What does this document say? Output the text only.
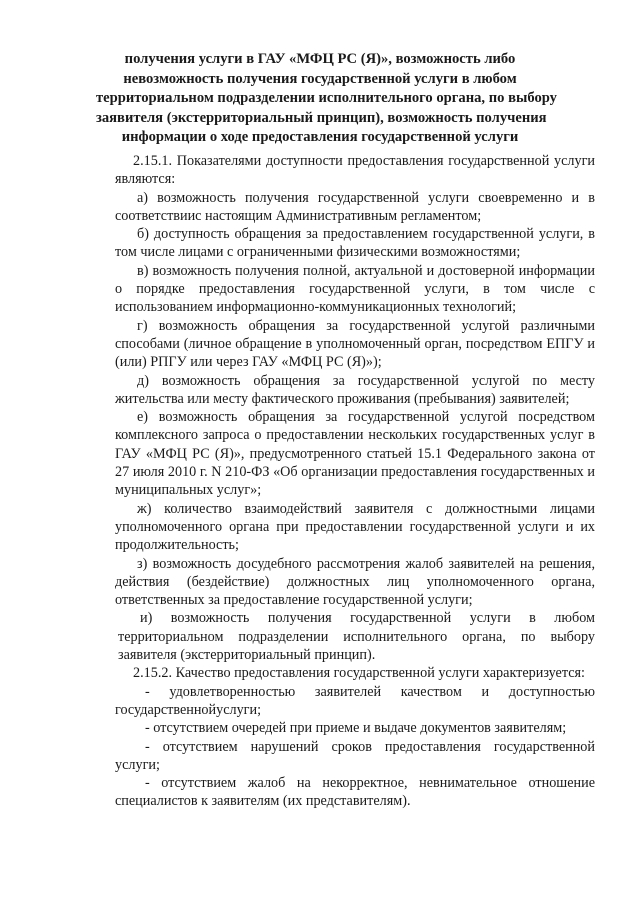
получения услуги в ГАУ «МФЦ РС (Я)», возможность либо
невозможность получения государственной услуги в любом
территориальном подразделении исполнительного органа, по выбору
заявителя (экстерриториальный принцип), возможность получения
информации о ходе предоставления государственной услуги

2.15.1. Показателями доступности предоставления государственной услуги являются:

а) возможность получения государственной услуги своевременно и в соответствиис настоящим Административным регламентом;

б) доступность обращения за предоставлением государственной услуги, в том числе лицами с ограниченными физическими возможностями;

в) возможность получения полной, актуальной и достоверной информации о порядке предоставления государственной услуги, в том числе с использованием информационно-коммуникационных технологий;

г) возможность обращения за государственной услугой различными способами (личное обращение в уполномоченный орган, посредством ЕПГУ и (или) РПГУ или через ГАУ «МФЦ РС (Я)»);

д) возможность обращения за государственной услугой по месту жительства или месту фактического проживания (пребывания) заявителей;

е) возможность обращения за государственной услугой посредством комплексного запроса о предоставлении нескольких государственных услуг в ГАУ «МФЦ РС (Я)», предусмотренного статьей 15.1 Федерального закона от 27 июля 2010 г. N 210-ФЗ «Об организации предоставления государственных и муниципальных услуг»;

ж) количество взаимодействий заявителя с должностными лицами уполномоченного органа при предоставлении государственной услуги и их продолжительность;

з) возможность досудебного рассмотрения жалоб заявителей на решения, действия (бездействие) должностных лиц уполномоченного органа, ответственных за предоставление государственной услуги;

и) возможность получения государственной услуги в любом территориальном подразделении исполнительного органа, по выбору заявителя (экстерриториальный принцип).

2.15.2. Качество предоставления государственной услуги характеризуется:

- удовлетворенностью заявителей качеством и доступностью государственнойуслуги;

- отсутствием очередей при приеме и выдаче документов заявителям;

- отсутствием нарушений сроков предоставления государственной услуги;

- отсутствием жалоб на некорректное, невнимательное отношение специалистов к заявителям (их представителям).
